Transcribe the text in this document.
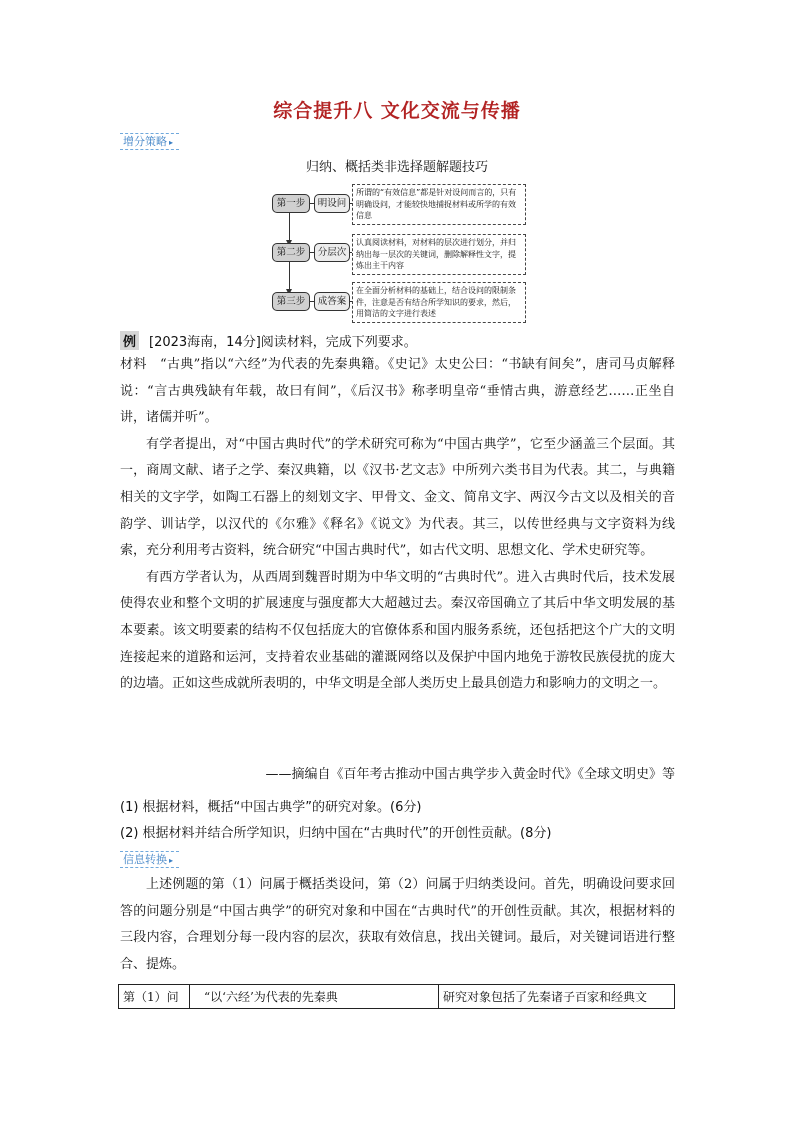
综合提升八 文化交流与传播
增分策略 ▸
归纳、概括类非选择题解题技巧
第一步	明设问
所谓的“有效信息”都是针对设问而言的，只有明确设问，才能较快地捕捉材料或所学的有效信息
第二步	分层次
认真阅读材料，对材料的层次进行划分，并归纳出每一层次的关键词，删除解释性文字，提炼出主干内容
第三步	成答案
在全面分析材料的基础上，结合设问的限制条件，注意是否有结合所学知识的要求，然后，用简洁的文字进行表述
例 [2023海南，14分]阅读材料，完成下列要求。

材料　“古典”指以“六经”为代表的先秦典籍。《史记》太史公曰：“书缺有间矣”，唐司马贞解释说：“言古典残缺有年载，故曰有间”，《后汉书》称孝明皇帝“垂情古典，游意经艺……正坐自讲，诸儒并听”。

有学者提出，对“中国古典时代”的学术研究可称为“中国古典学”，它至少涵盖三个层面。其一，商周文献、诸子之学、秦汉典籍，以《汉书·艺文志》中所列六类书目为代表。其二，与典籍相关的文字学，如陶工石器上的刻划文字、甲骨文、金文、简帛文字、两汉今古文以及相关的音韵学、训诂学，以汉代的《尔雅》《释名》《说文》为代表。其三，以传世经典与文字资料为线索，充分利用考古资料，统合研究“中国古典时代”，如古代文明、思想文化、学术史研究等。

有西方学者认为，从西周到魏晋时期为中华文明的“古典时代”。进入古典时代后，技术发展使得农业和整个文明的扩展速度与强度都大大超越过去。秦汉帝国确立了其后中华文明发展的基本要素。该文明要素的结构不仅包括庞大的官僚体系和国内服务系统，还包括把这个广大的文明连接起来的道路和运河，支持着农业基础的灌溉网络以及保护中国内地免于游牧民族侵扰的庞大的边墙。正如这些成就所表明的，中华文明是全部人类历史上最具创造力和影响力的文明之一。

——摘编自《百年考古推动中国古典学步入黄金时代》《全球文明史》等
(1) 根据材料，概括“中国古典学”的研究对象。(6分)
(2) 根据材料并结合所学知识，归纳中国在“古典时代”的开创性贡献。(8分)
信息转换 ▸

上述例题的第（1）问属于概括类设问，第（2）问属于归纳类设问。首先，明确设问要求回答的问题分别是“中国古典学”的研究对象和中国在“古典时代”的开创性贡献。其次，根据材料的三段内容，合理划分每一段内容的层次，获取有效信息，找出关键词。最后，对关键词语进行整合、提炼。

第（1）问	“以‘六经’为代表的先秦典	研究对象包括了先秦诸子百家和经典文
